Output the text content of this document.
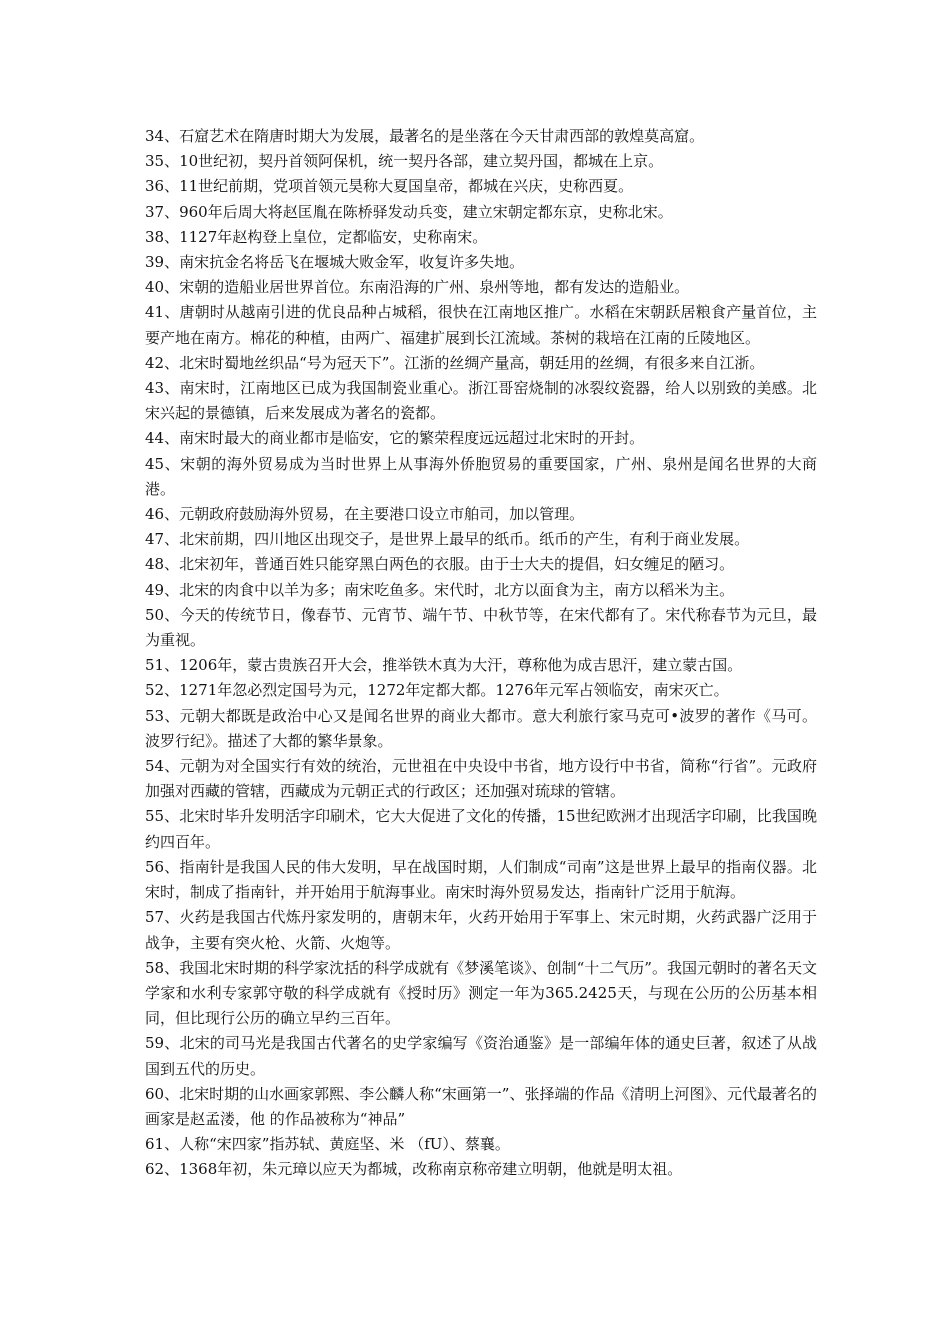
34、石窟艺术在隋唐时期大为发展，最著名的是坐落在今天甘肃西部的敦煌莫高窟。

35、10世纪初，契丹首领阿保机，统一契丹各部，建立契丹国，都城在上京。

36、11世纪前期，党项首领元昊称大夏国皇帝，都城在兴庆，史称西夏。

37、960年后周大将赵匡胤在陈桥驿发动兵变，建立宋朝定都东京，史称北宋。

38、1127年赵构登上皇位，定都临安，史称南宋。

39、南宋抗金名将岳飞在堰城大败金军，收复许多失地。

40、宋朝的造船业居世界首位。东南沿海的广州、泉州等地，都有发达的造船业。

41、唐朝时从越南引进的优良品种占城稻，很快在江南地区推广。水稻在宋朝跃居粮食产量首位，主要产地在南方。棉花的种植，由两广、福建扩展到长江流域。茶树的栽培在江南的丘陵地区。

42、北宋时蜀地丝织品“号为冠天下”。江浙的丝绸产量高，朝廷用的丝绸，有很多来自江浙。

43、南宋时，江南地区已成为我国制瓷业重心。浙江哥窑烧制的冰裂纹瓷器，给人以别致的美感。北宋兴起的景德镇，后来发展成为著名的瓷都。

44、南宋时最大的商业都市是临安，它的繁荣程度远远超过北宋时的开封。

45、宋朝的海外贸易成为当时世界上从事海外侨胞贸易的重要国家，广州、泉州是闻名世界的大商港。

46、元朝政府鼓励海外贸易，在主要港口设立市舶司，加以管理。

47、北宋前期，四川地区出现交子，是世界上最早的纸币。纸币的产生，有利于商业发展。

48、北宋初年，普通百姓只能穿黑白两色的衣服。由于士大夫的提倡，妇女缠足的陋习。

49、北宋的肉食中以羊为多；南宋吃鱼多。宋代时，北方以面食为主，南方以稻米为主。

50、今天的传统节日，像春节、元宵节、端午节、中秋节等，在宋代都有了。宋代称春节为元旦，最为重视。

51、1206年，蒙古贵族召开大会，推举铁木真为大汗，尊称他为成吉思汗，建立蒙古国。

52、1271年忽必烈定国号为元，1272年定都大都。1276年元军占领临安，南宋灭亡。

53、元朝大都既是政治中心又是闻名世界的商业大都市。意大利旅行家马克可•波罗的著作《马可。波罗行纪》。描述了大都的繁华景象。

54、元朝为对全国实行有效的统治，元世祖在中央设中书省，地方设行中书省，简称“行省”。元政府加强对西藏的管辖，西藏成为元朝正式的行政区；还加强对琉球的管辖。

55、北宋时毕升发明活字印刷术，它大大促进了文化的传播，15世纪欧洲才出现活字印刷，比我国晚约四百年。

56、指南针是我国人民的伟大发明，早在战国时期，人们制成“司南”这是世界上最早的指南仪器。北宋时，制成了指南针，并开始用于航海事业。南宋时海外贸易发达，指南针广泛用于航海。

57、火药是我国古代炼丹家发明的，唐朝末年，火药开始用于军事上、宋元时期，火药武器广泛用于战争，主要有突火枪、火箭、火炮等。

58、我国北宋时期的科学家沈括的科学成就有《梦溪笔谈》、创制“十二气历”。我国元朝时的著名天文学家和水利专家郭守敬的科学成就有《授时历》测定一年为365.2425天，与现在公历的公历基本相同，但比现行公历的确立早约三百年。

59、北宋的司马光是我国古代著名的史学家编写《资治通鉴》是一部编年体的通史巨著，叙述了从战国到五代的历史。

60、北宋时期的山水画家郭熙、李公麟人称“宋画第一”、张择端的作品《清明上河图》、元代最著名的画家是赵孟溇，他 的作品被称为“神品”

61、人称“宋四家”指苏轼、黄庭坚、米 （fU）、蔡襄。

62、1368年初，朱元璋以应天为都城，改称南京称帝建立明朝，他就是明太祖。
